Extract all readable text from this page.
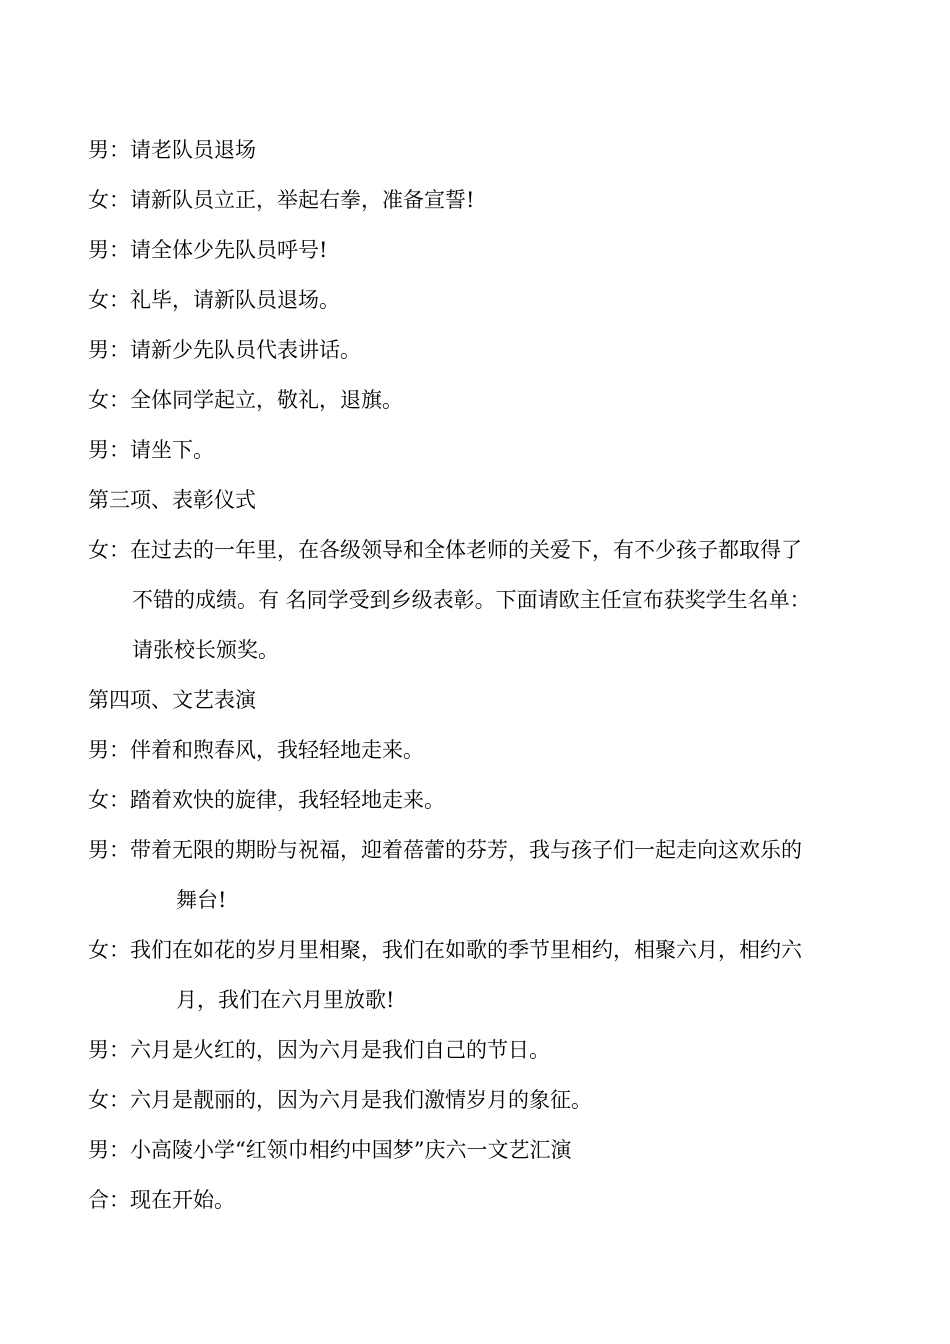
男：请老队员退场
女：请新队员立正，举起右拳，准备宣誓!
男：请全体少先队员呼号!
女：礼毕，请新队员退场。
男：请新少先队员代表讲话。
女：全体同学起立，敬礼，退旗。
男：请坐下。
第三项、表彰仪式
女：在过去的一年里，在各级领导和全体老师的关爱下，有不少孩子都取得了
不错的成绩。有 名同学受到乡级表彰。下面请欧主任宣布获奖学生名单：
请张校长颁奖。
第四项、文艺表演
男：伴着和煦春风，我轻轻地走来。
女：踏着欢快的旋律，我轻轻地走来。
男：带着无限的期盼与祝福，迎着蓓蕾的芬芳，我与孩子们一起走向这欢乐的
舞台!
女：我们在如花的岁月里相聚，我们在如歌的季节里相约，相聚六月，相约六
月，我们在六月里放歌!
男：六月是火红的，因为六月是我们自己的节日。
女：六月是靓丽的，因为六月是我们激情岁月的象征。
男：小高陵小学“红领巾相约中国梦”庆六一文艺汇演
合：现在开始。
